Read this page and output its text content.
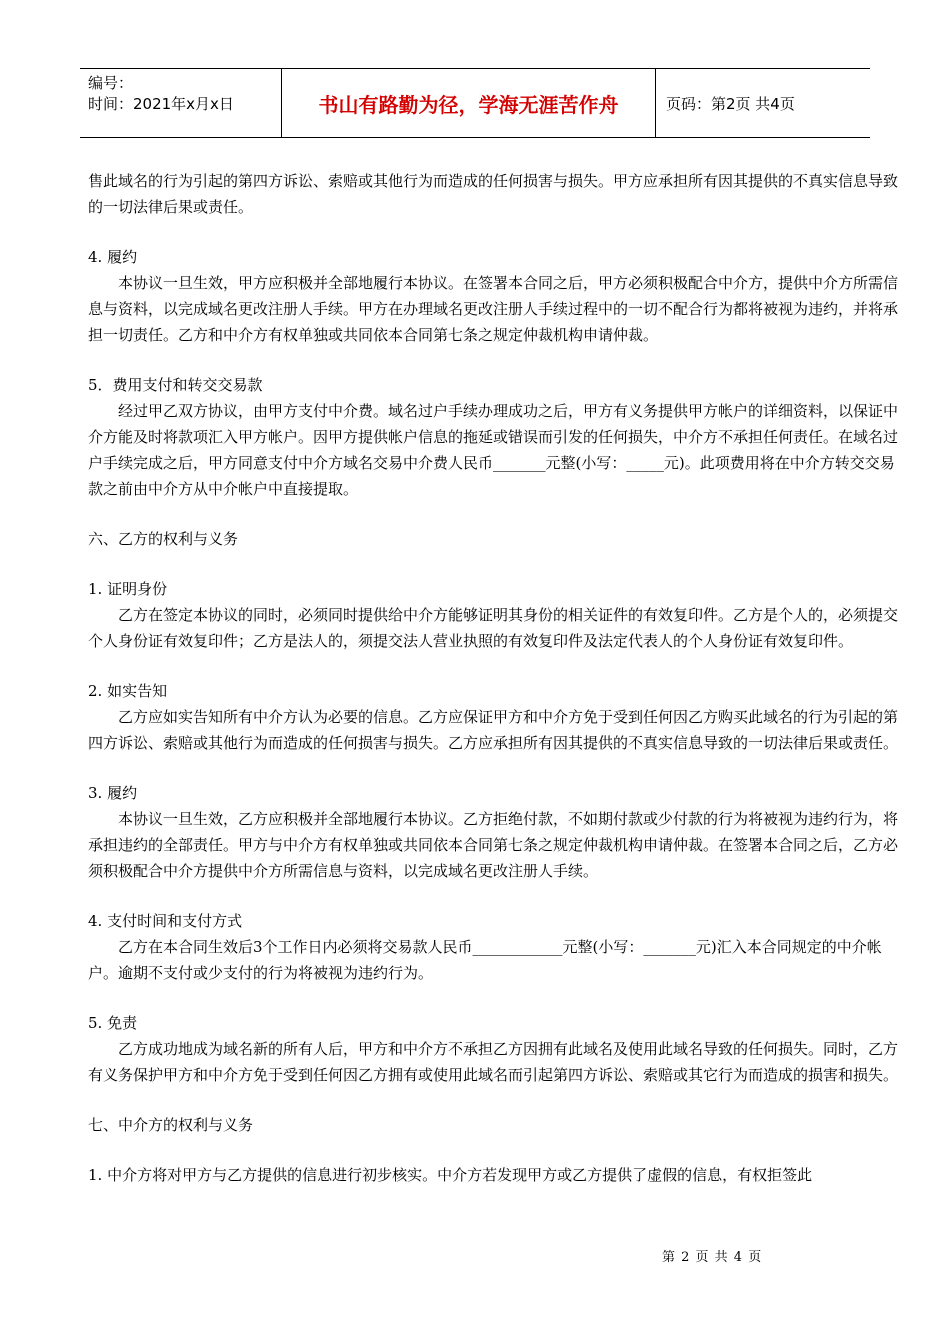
编号：
时间：2021年x月x日	书山有路勤为径，学海无涯苦作舟	页码：第2页 共4页

售此域名的行为引起的第四方诉讼、索赔或其他行为而造成的任何损害与损失。甲方应承担所有因其提供的不真实信息导致的一切法律后果或责任。

4. 履约

本协议一旦生效，甲方应积极并全部地履行本协议。在签署本合同之后，甲方必须积极配合中介方，提供中介方所需信息与资料，以完成域名更改注册人手续。甲方在办理域名更改注册人手续过程中的一切不配合行为都将被视为违约，并将承担一切责任。乙方和中介方有权单独或共同依本合同第七条之规定仲裁机构申请仲裁。

5．费用支付和转交交易款

经过甲乙双方协议，由甲方支付中介费。域名过户手续办理成功之后，甲方有义务提供甲方帐户的详细资料，以保证中介方能及时将款项汇入甲方帐户。因甲方提供帐户信息的拖延或错误而引发的任何损失，中介方不承担任何责任。在域名过户手续完成之后，甲方同意支付中介方域名交易中介费人民币_______元整(小写：_____元)。此项费用将在中介方转交交易款之前由中介方从中介帐户中直接提取。

六、乙方的权利与义务

1. 证明身份

乙方在签定本协议的同时，必须同时提供给中介方能够证明其身份的相关证件的有效复印件。乙方是个人的，必须提交个人身份证有效复印件；乙方是法人的，须提交法人营业执照的有效复印件及法定代表人的个人身份证有效复印件。

2. 如实告知

乙方应如实告知所有中介方认为必要的信息。乙方应保证甲方和中介方免于受到任何因乙方购买此域名的行为引起的第四方诉讼、索赔或其他行为而造成的任何损害与损失。乙方应承担所有因其提供的不真实信息导致的一切法律后果或责任。

3. 履约

本协议一旦生效，乙方应积极并全部地履行本协议。乙方拒绝付款，不如期付款或少付款的行为将被视为违约行为，将承担违约的全部责任。甲方与中介方有权单独或共同依本合同第七条之规定仲裁机构申请仲裁。在签署本合同之后，乙方必须积极配合中介方提供中介方所需信息与资料，以完成域名更改注册人手续。

4. 支付时间和支付方式

乙方在本合同生效后3个工作日内必须将交易款人民币____________元整(小写：_______元)汇入本合同规定的中介帐户。逾期不支付或少支付的行为将被视为违约行为。

5. 免责

乙方成功地成为域名新的所有人后，甲方和中介方不承担乙方因拥有此域名及使用此域名导致的任何损失。同时，乙方有义务保护甲方和中介方免于受到任何因乙方拥有或使用此域名而引起第四方诉讼、索赔或其它行为而造成的损害和损失。

七、中介方的权利与义务

1. 中介方将对甲方与乙方提供的信息进行初步核实。中介方若发现甲方或乙方提供了虚假的信息，有权拒签此

第 2 页 共 4 页
